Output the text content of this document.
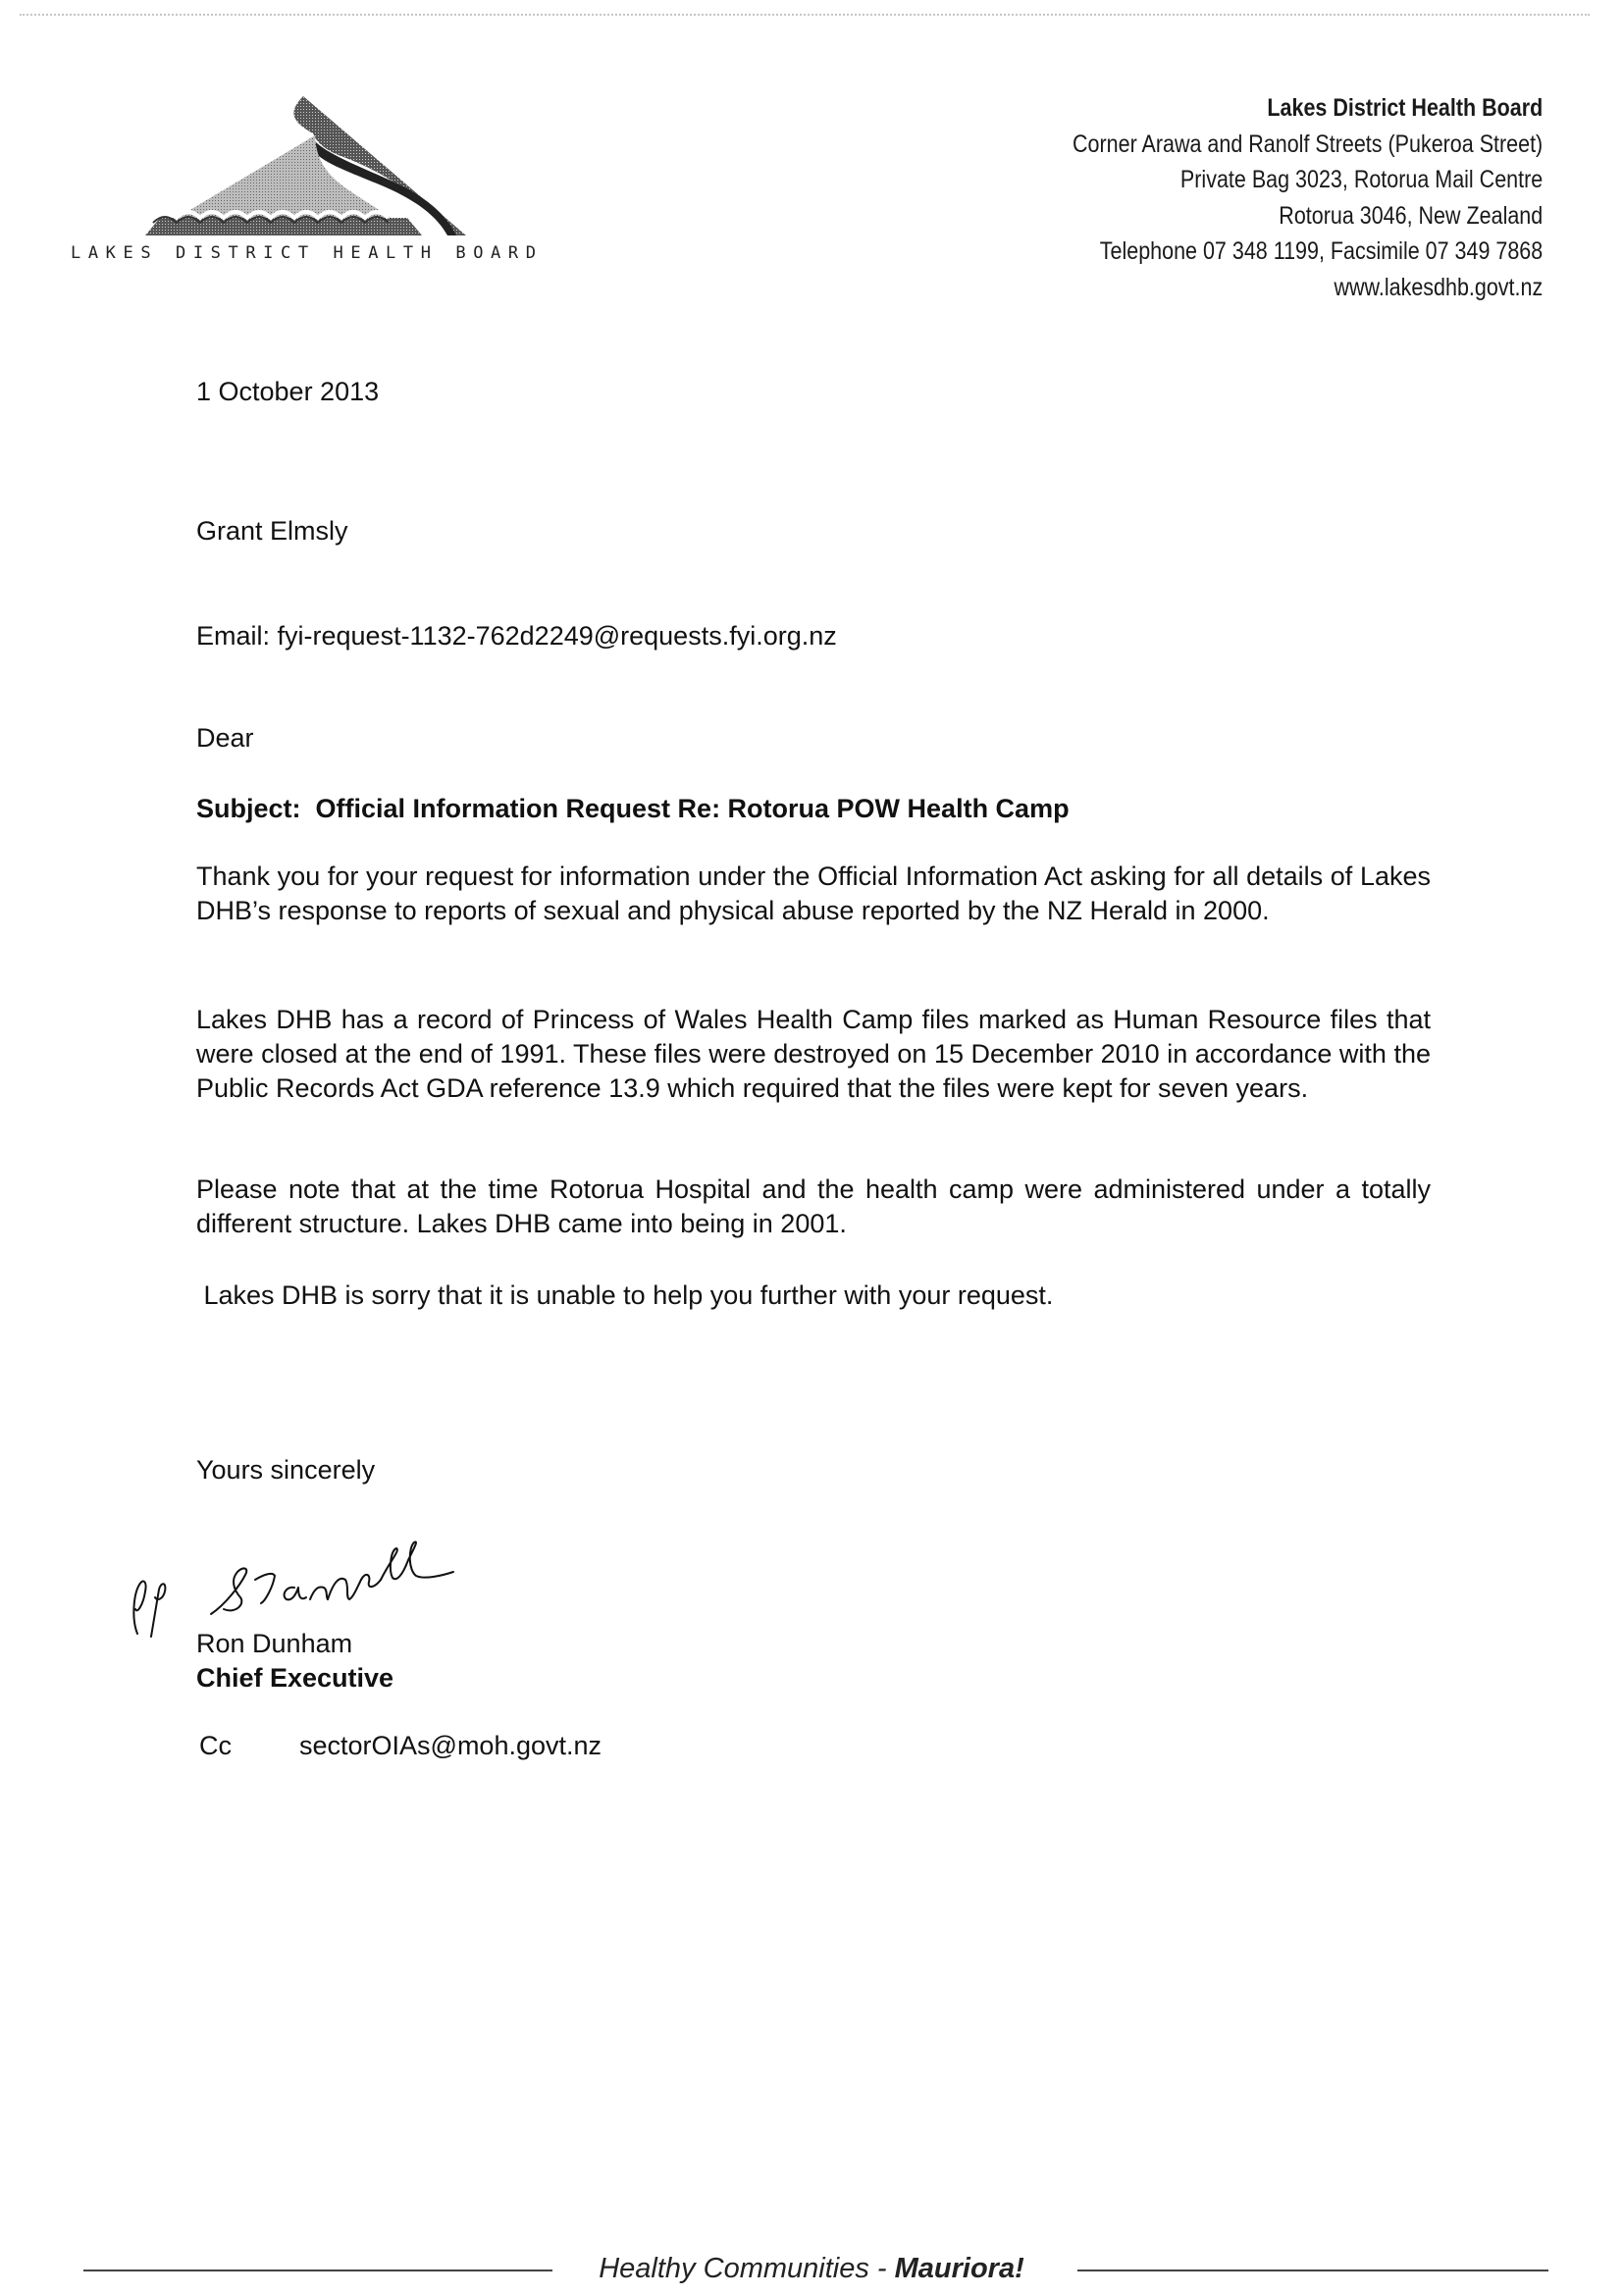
LAKES DISTRICT HEALTH BOARD
Lakes District Health Board
Corner Arawa and Ranolf Streets (Pukeroa Street)
Private Bag 3023, Rotorua Mail Centre
Rotorua 3046, New Zealand
Telephone 07 348 1199, Facsimile 07 349 7868
www.lakesdhb.govt.nz
1 October 2013
Grant Elmsly
Email: fyi-request-1132-762d2249@requests.fyi.org.nz
Dear
Subject:  Official Information Request Re: Rotorua POW Health Camp
Thank you for your request for information under the Official Information Act asking for all details of Lakes DHB’s response to reports of sexual and physical abuse reported by the NZ Herald in 2000.
Lakes DHB has a record of Princess of Wales Health Camp files marked as Human Resource files that were closed at the end of 1991. These files were destroyed on 15 December 2010 in accordance with the Public Records Act GDA reference 13.9 which required that the files were kept for seven years.
Please note that at the time Rotorua Hospital and the health camp were administered under a totally different structure. Lakes DHB came into being in 2001.
Lakes DHB is sorry that it is unable to help you further with your request.
Yours sincerely
Ron Dunham
Chief Executive
Cc	sectorOIAs@moh.govt.nz
Healthy Communities - Mauriora!
